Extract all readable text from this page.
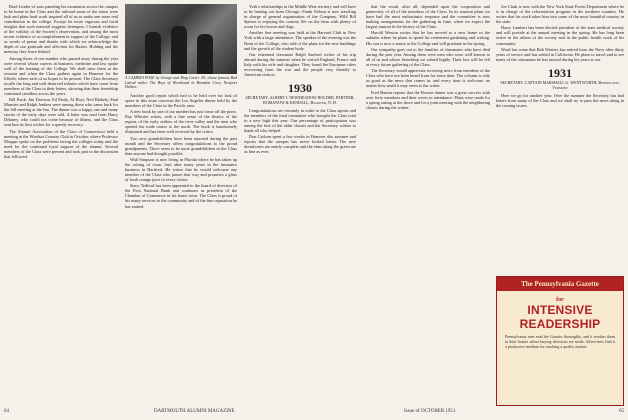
Brad Leader of sons paneling his mountains across the campus to be home in the Class and the railroad some of the trains were lush and plain hard work inspired all of us to make one more real contribution to the college. Except for more vigorous and lucid insights that such material suggests hereupon, I furnish evidence of the validity of the Society's observation, and among the most recent evidence of accomplishment in support of the College; and as words of praise and thanks with which we acknowledge the depth of our gratitude and affection for Baxter, Holding and the memory they leave behind.

Among those of our number who passed away during the year were several whose careers in business, medicine and law spoke well of the training of the College. We shall miss them at the reunion and when the Class gathers again in Hanover for the fiftieth, where each of us hopes to be present. The Class Secretary recalls the long and well deserved tributes which have come from members of the Class in their letters, showing that their friendship continued steadfast across the years.

Bill Buck, Jim Dawson, Ed Pauly, Al Hoyt, Ned Blakely, Paul Munster and Ralph Jenkins were among those who came back for the fall meeting at the Inn. The dinner was a happy one and many stories of the early days were told. A letter was read from Harry Delaney, who could not come because of illness, and the Class sent him its best wishes for a speedy recovery.

The Alumni Association of the Class of Connecticut held a meeting at the Windsor Country Club in October, where Professor Morgan spoke on the problems facing the colleges today and the need for the continued loyal support of the alumni. Several members of the Class were present and took part in the discussion that followed.

A CAMERA POSE by George and Bing Carter '29, whose famous Bud Lafrad rather The Boys of Woodward in Brandon Cove, Newport Harbor.

Another good report which had to be held over for lack of space in this issue concerns the Los Angeles dinner held by the members of the Class in the Pacific area.

A new book by one of our number has just come off the press. Ray Whittier writes, with a fine sense of the history of the region, of the early settlers of the river valley and the men who opened the trade routes to the north. The book is handsomely illustrated and has been well received by the critics.

Two new grandchildren have been reported during the past month and the Secretary offers congratulations to the proud grandparents. There seem to be more grandchildren in the Class than anyone had thought possible.

Walt Simpson is now living in Florida where he has taken up the raising of citrus fruit after many years in the insurance business in Hartford. He writes that he would welcome any member of the Class who passes that way and promises a glass of fresh orange juice to every visitor.

Stacy Tedford has been appointed to the board of directors of the First National Bank and continues as president of the Chamber of Commerce in his home town. The Class is proud of his many services to the community and of the fine reputation he has earned.

York's relationships in the Middle West territory and will have to be leading out from Chicago. Frank Nelson is now traveling in charge of general organization of the Company. Wild Bill Spence is enjoying the country life on the farm with plenty of room for his horses and dogs.

Another fine meeting was held at the Harvard Club in New York with a large attendance. The speaker of the evening was the Dean of the College, who told of the plans for the new buildings and the growth of the student body.

Our esteemed classmate Ralph Sanford writes of his trip abroad during the summer when he visited England, France and Italy with his wife and daughter. They found the European cities recovering from the war and the people very friendly to American visitors.

1930
SECRETARY, ALBERT I. NEWMEADOW HOLDER, PARTNER, ROMANOW & KENDALL, Hanover, N. H.

Congratulations are certainly in order to the Class agents and the members of the fund committee who brought the Class total to a new high this year. Our percentage of participation was among the best of the older classes and the Secretary wishes to thank all who helped.

Don Carlson spent a few weeks in Hanover this summer and reports that the campus has never looked better. The new dormitories are nearly complete and the elms along the green are as fine as ever.

that the result, after all, depended upon the cooperation and generosity of all of the members of the Class. In its reunion plans we have had the most enthusiastic response and the committee is now making arrangements for the gathering in June, when we expect the largest turnout in the history of the Class.

Harold Weston writes that he has moved to a new home in the suburbs where he plans to spend his retirement gardening and writing. His son is now a senior at the College and will graduate in the spring.

Our sympathy goes out to the families of classmates who have died during the past year. Among them were men who were well known to all of us and whose friendship we valued highly. Their loss will be felt at every future gathering of the Class.

The Secretary would appreciate receiving news from members of the Class who have not been heard from for some time. The column is only as good as the news that comes in, and every item is welcome, no matter how small it may seem to the writer.

Fred Barton reports that the Boston dinner was a great success with over forty members and their wives in attendance. Plans were made for a spring outing at the shore and for a joint meeting with the neighboring classes during the winter.

Joe Clark is now with the New York State Forest Department where he is in charge of the reforestation program in the northern counties. He writes that his work takes him into some of the most beautiful country in the state.

Harry Lambert has been elected president of the state medical society and will preside at the annual meeting in the spring. He has long been active in the affairs of the society and in the public health work of his community.

Word has come that Bob Winters has retired from the Navy after thirty years of service and has settled in California. He plans to travel and to see many of the classmates he has missed during his years at sea.

1931
SECRETARY, CAPTAIN MARSHALL G. WENTWORTH, Bennington, Vermont

Here we go for another year. Over the summer the Secretary has had letters from many of the Class and we shall try to pass the news along in the coming issues.

The Pennsylvania Gazette
for
INTENSIVE READERSHIP
Pennsylvania men read the Gazette thoroughly, and it reaches them in their homes where buying decisions are made. Advertisers find it a productive medium for reaching a quality market.
64	DARTMOUTH ALUMNI MAGAZINE	Issue of OCTOBER 1951	65
